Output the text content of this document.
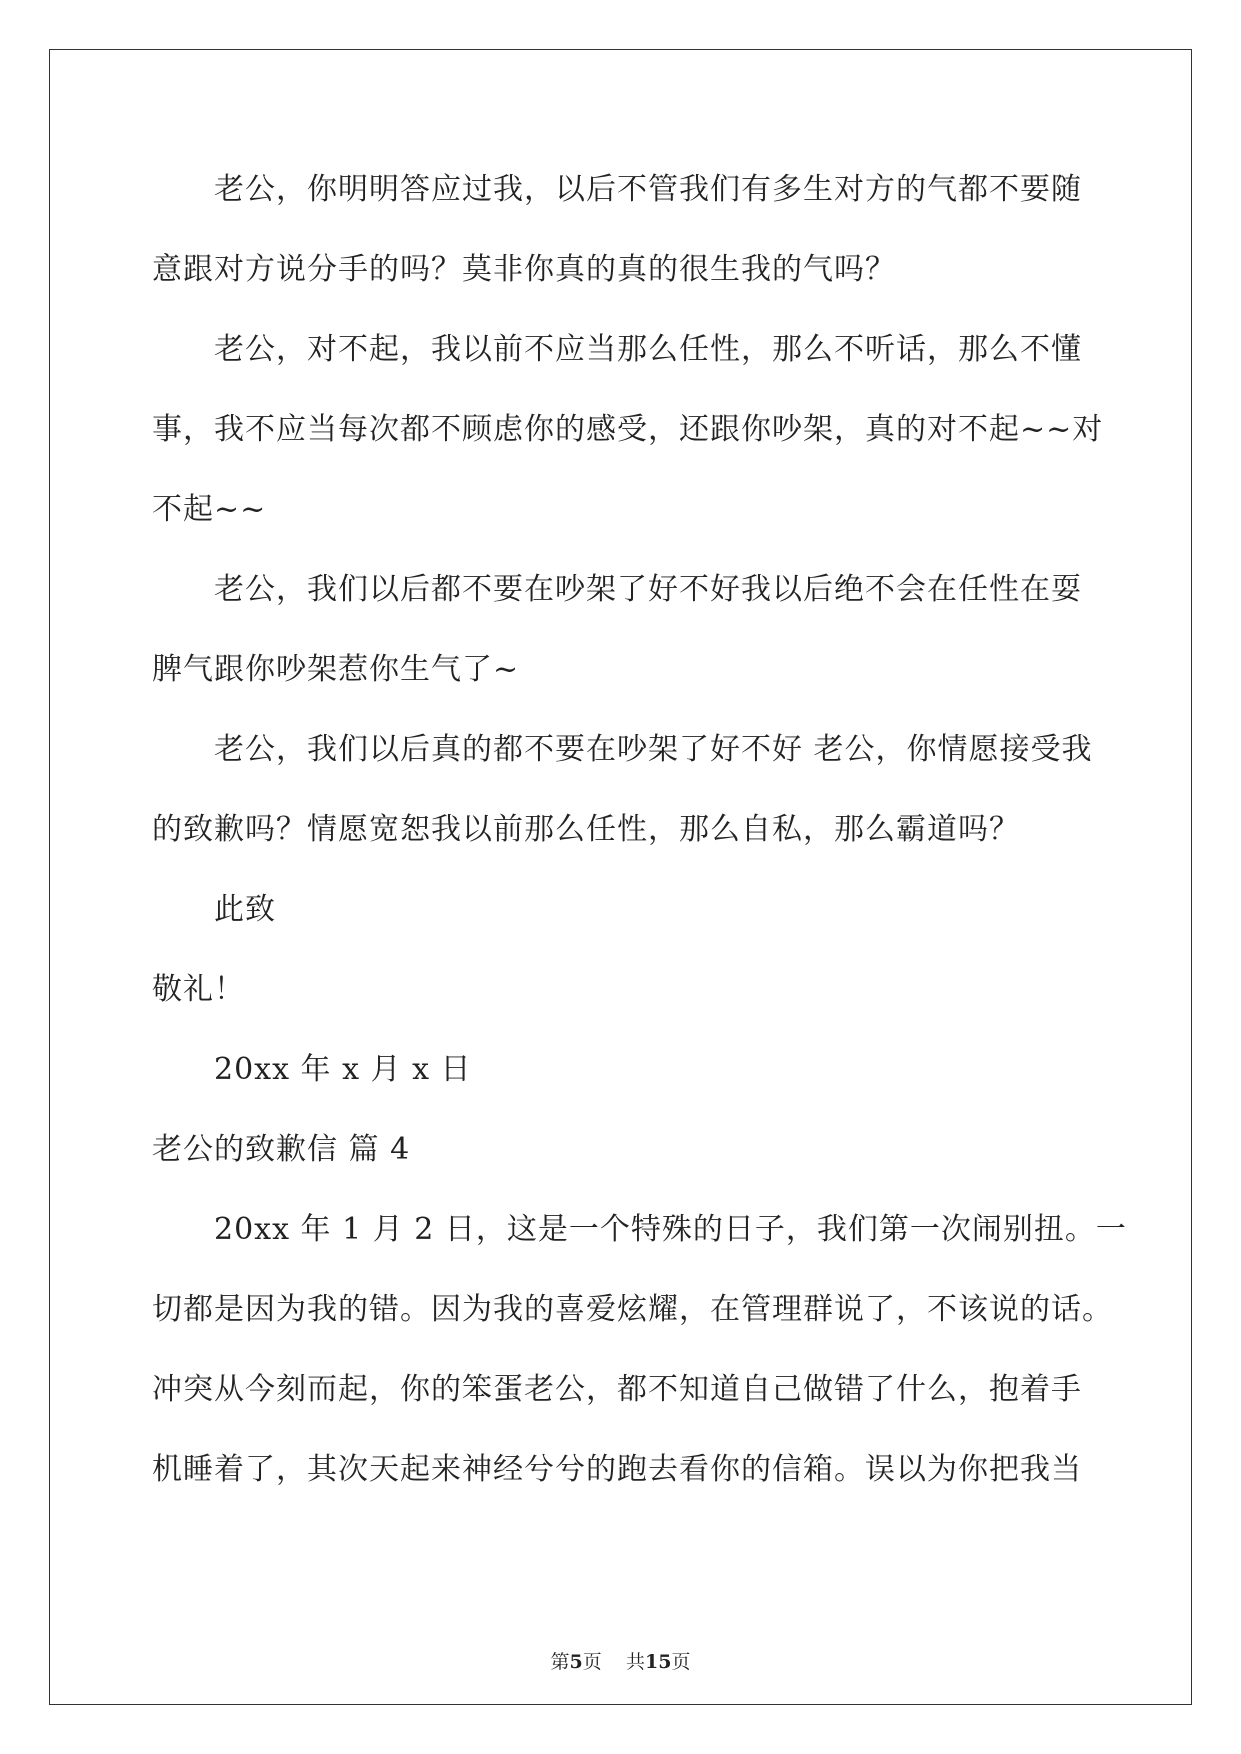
老公，你明明答应过我，以后不管我们有多生对方的气都不要随
意跟对方说分手的吗？莫非你真的真的很生我的气吗？
老公，对不起，我以前不应当那么任性，那么不听话，那么不懂
事，我不应当每次都不顾虑你的感受，还跟你吵架，真的对不起~~对
不起~~
老公，我们以后都不要在吵架了好不好我以后绝不会在任性在耍
脾气跟你吵架惹你生气了~
老公，我们以后真的都不要在吵架了好不好 老公，你情愿接受我
的致歉吗？情愿宽恕我以前那么任性，那么自私，那么霸道吗？
此致
敬礼！
20xx 年 x 月 x 日
老公的致歉信 篇 4
20xx 年 1 月 2 日，这是一个特殊的日子，我们第一次闹别扭。一
切都是因为我的错。因为我的喜爱炫耀，在管理群说了，不该说的话。
冲突从今刻而起，你的笨蛋老公，都不知道自己做错了什么，抱着手
机睡着了，其次天起来神经兮兮的跑去看你的信箱。误以为你把我当
第5页 共15页
